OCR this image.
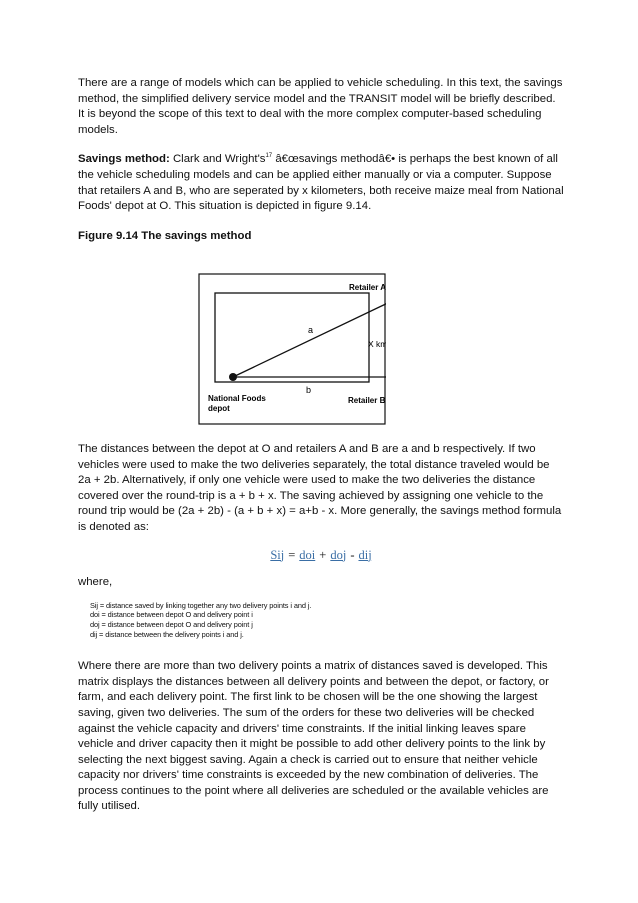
There are a range of models which can be applied to vehicle scheduling. In this text, the savings method, the simplified delivery service model and the TRANSIT model will be briefly described. It is beyond the scope of this text to deal with the more complex computer-based scheduling models.

Savings method: Clark and $Wright's^{17}$ â€œsavings methodâ€• is perhaps the best known of all the vehicle scheduling models and can be applied either manually or via a computer. Suppose that retailers A and B, who are seperated by x kilometers, both receive maize meal from National Foods' depot at O. This situation is depicted in figure 9.14.

Figure 9.14 The savings method

Retailer A
Retailer B
National Foods
depot
a
b
X km

The distances between the depot at O and retailers A and B are a and b respectively. If two vehicles were used to make the two deliveries separately, the total distance traveled would be 2a + 2b. Alternatively, if only one vehicle were used to make the two deliveries the distance covered over the round-trip is a + b + x. The saving achieved by assigning one vehicle to the round trip would be (2a + 2b) - (a + b + x) = a+b - x. More generally, the savings method formula is denoted as:

Sij = doi + doj - dij

where,

Sij = distance saved by linking together any two delivery points i and j.
doi = distance between depot O and delivery point i
doj = distance between depot O and delivery point j
dij = distance between the delivery points i and j.

Where there are more than two delivery points a matrix of distances saved is developed. This matrix displays the distances between all delivery points and between the depot, or factory, or farm, and each delivery point. The first link to be chosen will be the one showing the largest saving, given two deliveries. The sum of the orders for these two deliveries will be checked against the vehicle capacity and drivers' time constraints. If the initial linking leaves spare vehicle and driver capacity then it might be possible to add other delivery points to the link by selecting the next biggest saving. Again a check is carried out to ensure that neither vehicle capacity nor drivers' time constraints is exceeded by the new combination of deliveries. The process continues to the point where all deliveries are scheduled or the available vehicles are fully utilised.
